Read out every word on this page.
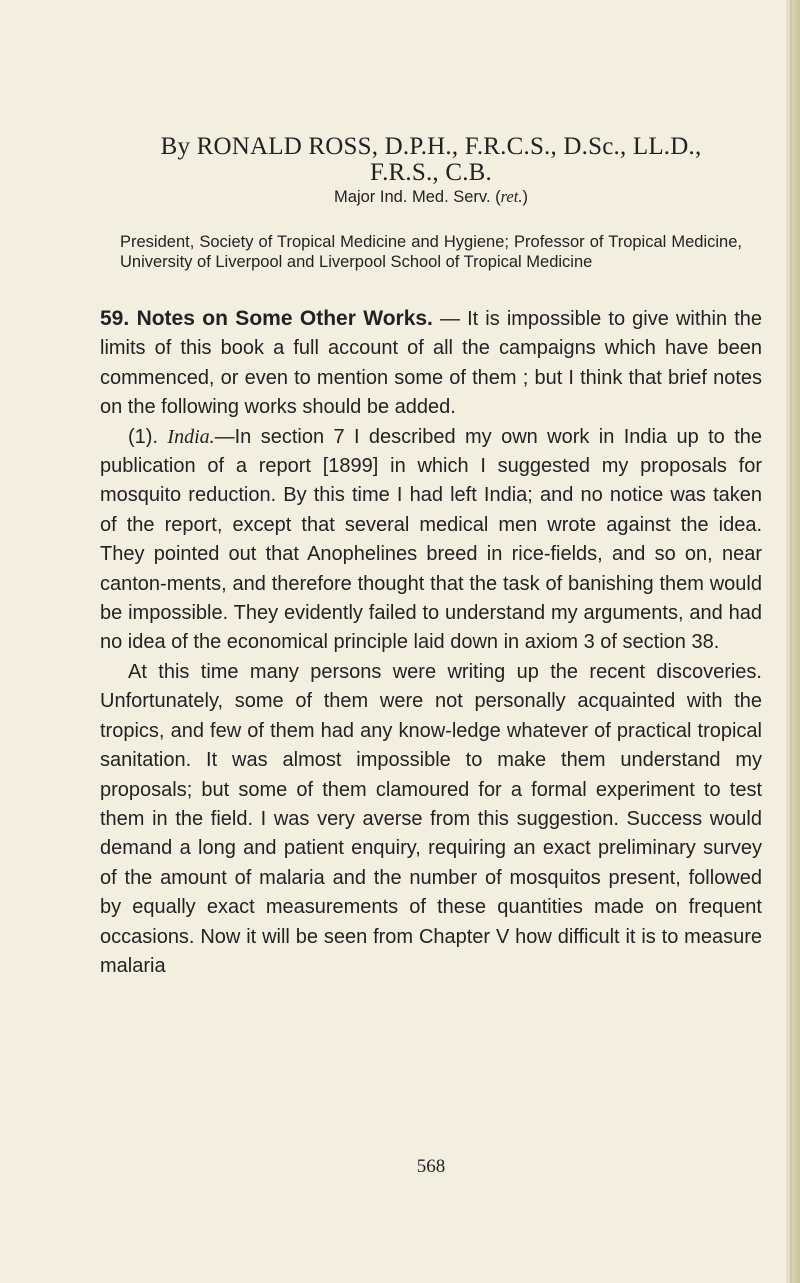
By RONALD ROSS, D.P.H., F.R.C.S., D.Sc., LL.D.,
F.R.S., C.B.
Major Ind. Med. Serv. (ret.)
President, Society of Tropical Medicine and Hygiene; Professor of Tropical Medicine, University of Liverpool and Liverpool School of Tropical Medicine

59. Notes on Some Other Works. — It is impossible to give within the limits of this book a full account of all the campaigns which have been commenced, or even to mention some of them ; but I think that brief notes on the following works should be added.

(1). India.—In section 7 I described my own work in India up to the publication of a report [1899] in which I suggested my proposals for mosquito reduction. By this time I had left India; and no notice was taken of the report, except that several medical men wrote against the idea. They pointed out that Anophelines breed in rice-fields, and so on, near canton-ments, and therefore thought that the task of banishing them would be impossible. They evidently failed to understand my arguments, and had no idea of the economical principle laid down in axiom 3 of section 38.

At this time many persons were writing up the recent discoveries. Unfortunately, some of them were not personally acquainted with the tropics, and few of them had any know-ledge whatever of practical tropical sanitation. It was almost impossible to make them understand my proposals; but some of them clamoured for a formal experiment to test them in the field. I was very averse from this suggestion. Success would demand a long and patient enquiry, requiring an exact preliminary survey of the amount of malaria and the number of mosquitos present, followed by equally exact measurements of these quantities made on frequent occasions. Now it will be seen from Chapter V how difficult it is to measure malaria

568
